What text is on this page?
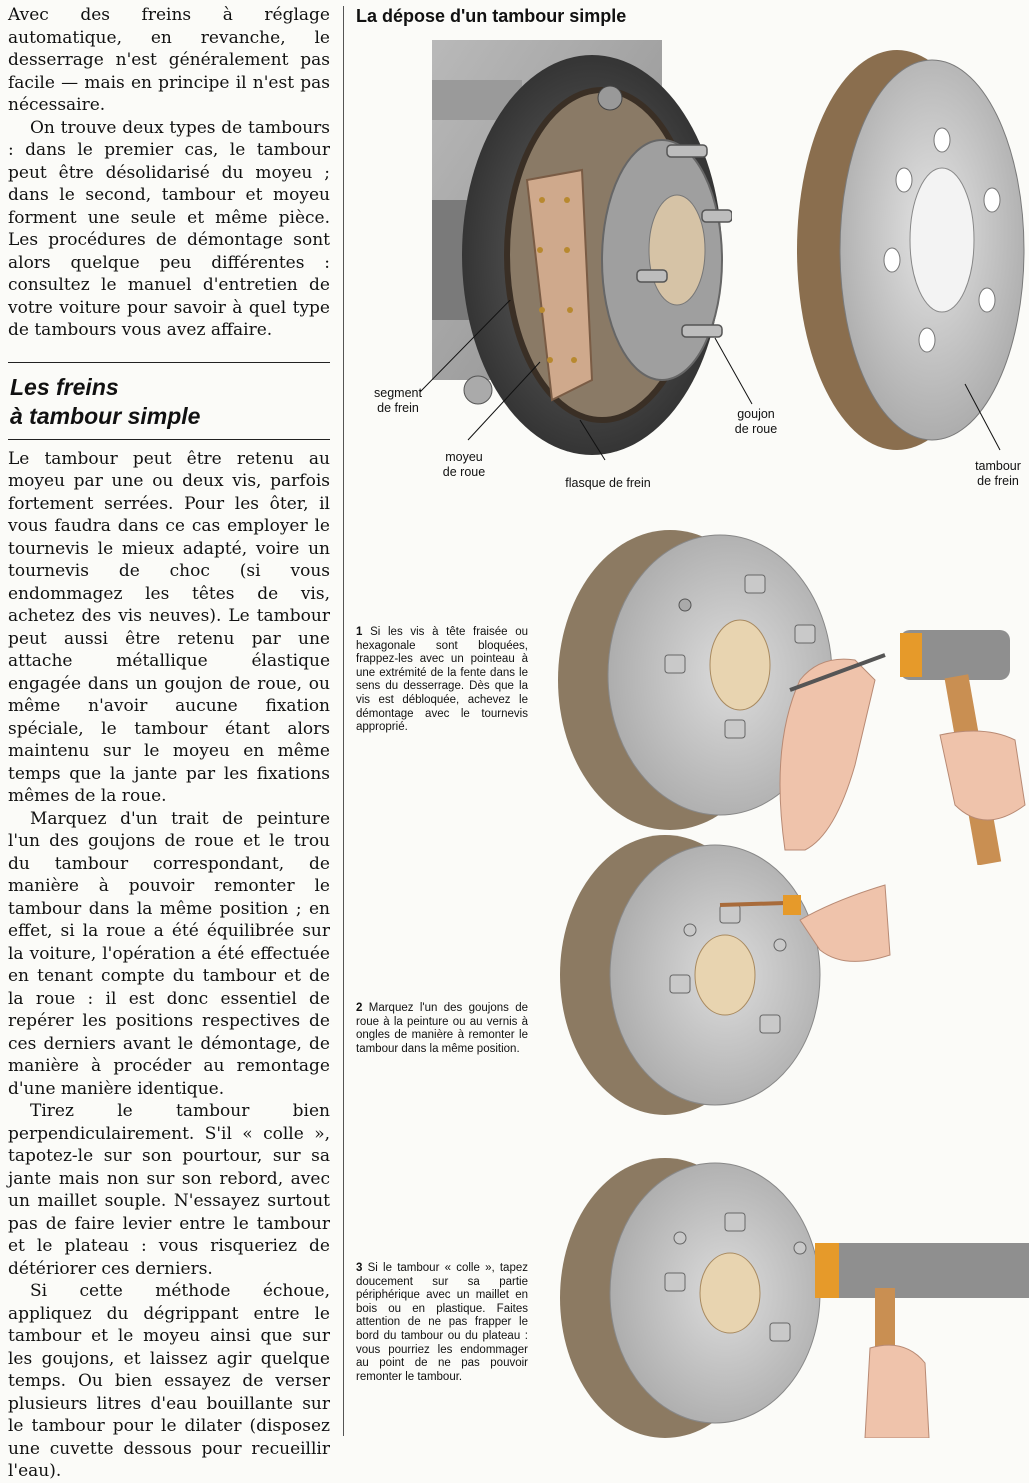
Avec des freins à réglage automatique, en revanche, le desserrage n'est généralement pas facile — mais en principe il n'est pas nécessaire.

On trouve deux types de tambours : dans le premier cas, le tambour peut être désolidarisé du moyeu ; dans le second, tambour et moyeu forment une seule et même pièce. Les procédures de démontage sont alors quelque peu différentes : consultez le manuel d'entretien de votre voiture pour savoir à quel type de tambours vous avez affaire.

Les freins
à tambour simple

Le tambour peut être retenu au moyeu par une ou deux vis, parfois fortement serrées. Pour les ôter, il vous faudra dans ce cas employer le tournevis le mieux adapté, voire un tournevis de choc (si vous endommagez les têtes de vis, achetez des vis neuves). Le tambour peut aussi être retenu par une attache métallique élastique engagée dans un goujon de roue, ou même n'avoir aucune fixation spéciale, le tambour étant alors maintenu sur le moyeu en même temps que la jante par les fixations mêmes de la roue.

Marquez d'un trait de peinture l'un des goujons de roue et le trou du tambour correspondant, de manière à pouvoir remonter le tambour dans la même position ; en effet, si la roue a été équilibrée sur la voiture, l'opération a été effectuée en tenant compte du tambour et de la roue : il est donc essentiel de repérer les positions respectives de ces derniers avant le démontage, de manière à procéder au remontage d'une manière identique.

Tirez le tambour bien perpendiculairement. S'il « colle », tapotez-le sur son pourtour, sur sa jante mais non sur son rebord, avec un maillet souple. N'essayez surtout pas de faire levier entre le tambour et le plateau : vous risqueriez de détériorer ces derniers.

Si cette méthode échoue, appliquez du dégrippant entre le tambour et le moyeu ainsi que sur les goujons, et laissez agir quelque temps. Ou bien essayez de verser plusieurs litres d'eau bouillante sur le tambour pour le dilater (disposez une cuvette dessous pour recueillir l'eau).

La dépose d'un tambour simple
segment
de frein
moyeu
de roue
flasque de frein
goujon
de roue
tambour
de frein
1 Si les vis à tête fraisée ou hexagonale sont bloquées, frappez-les avec un pointeau à une extrémité de la fente dans le sens du desserrage. Dès que la vis est débloquée, achevez le démontage avec le tournevis approprié.
2 Marquez l'un des goujons de roue à la peinture ou au vernis à ongles de manière à remonter le tambour dans la même position.
3 Si le tambour « colle », tapez doucement sur sa partie périphérique avec un maillet en bois ou en plastique. Faites attention de ne pas frapper le bord du tambour ou du plateau : vous pourriez les endommager au point de ne pas pouvoir remonter le tambour.
